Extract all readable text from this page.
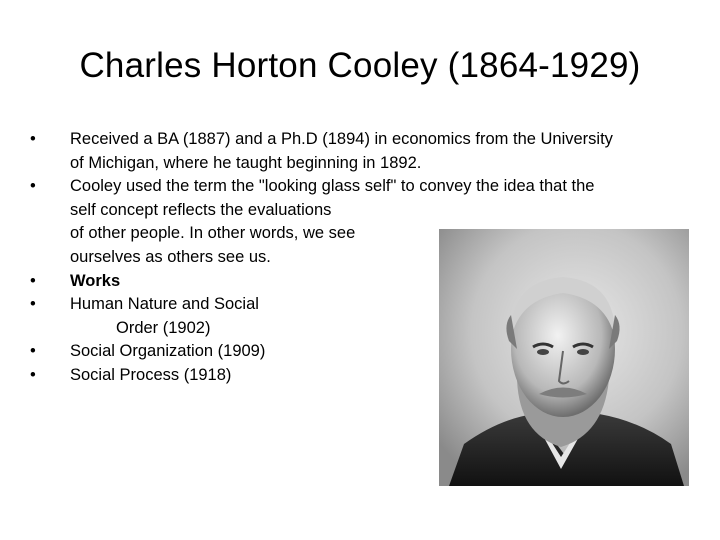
Charles Horton Cooley (1864-1929)
•	Received a BA (1887) and a Ph.D (1894) in economics from the University
of Michigan, where he taught beginning in 1892.
•	Cooley used the term the "looking glass self" to convey the idea that the
self concept reflects the evaluations
of other people. In other words, we see
ourselves as others see us.
•	Works
•	Human Nature and Social
Order (1902)
•	Social Organization (1909)
•	Social Process (1918)
